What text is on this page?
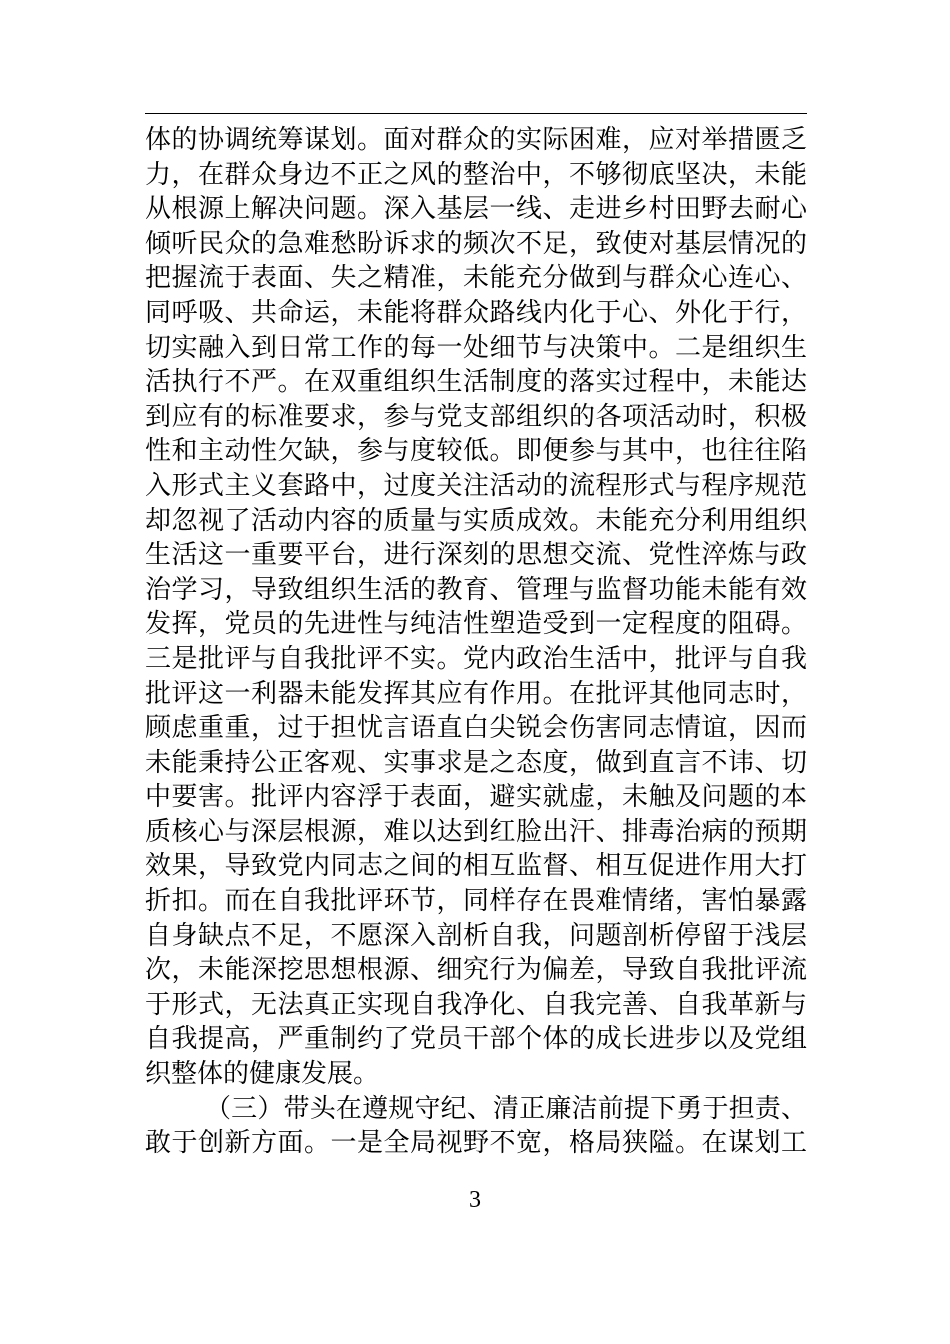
体的协调统筹谋划。面对群众的实际困难，应对举措匮乏
力，在群众身边不正之风的整治中，不够彻底坚决，未能
从根源上解决问题。深入基层一线、走进乡村田野去耐心
倾听民众的急难愁盼诉求的频次不足，致使对基层情况的
把握流于表面、失之精准，未能充分做到与群众心连心、
同呼吸、共命运，未能将群众路线内化于心、外化于行，
切实融入到日常工作的每一处细节与决策中。二是组织生
活执行不严。在双重组织生活制度的落实过程中，未能达
到应有的标准要求，参与党支部组织的各项活动时，积极
性和主动性欠缺，参与度较低。即便参与其中，也往往陷
入形式主义套路中，过度关注活动的流程形式与程序规范
却忽视了活动内容的质量与实质成效。未能充分利用组织
生活这一重要平台，进行深刻的思想交流、党性淬炼与政
治学习，导致组织生活的教育、管理与监督功能未能有效
发挥，党员的先进性与纯洁性塑造受到一定程度的阻碍。
三是批评与自我批评不实。党内政治生活中，批评与自我
批评这一利器未能发挥其应有作用。在批评其他同志时，
顾虑重重，过于担忧言语直白尖锐会伤害同志情谊，因而
未能秉持公正客观、实事求是之态度，做到直言不讳、切
中要害。批评内容浮于表面，避实就虚，未触及问题的本
质核心与深层根源，难以达到红脸出汗、排毒治病的预期
效果，导致党内同志之间的相互监督、相互促进作用大打
折扣。而在自我批评环节，同样存在畏难情绪，害怕暴露
自身缺点不足，不愿深入剖析自我，问题剖析停留于浅层
次，未能深挖思想根源、细究行为偏差，导致自我批评流
于形式，无法真正实现自我净化、自我完善、自我革新与
自我提高，严重制约了党员干部个体的成长进步以及党组
织整体的健康发展。
（三）带头在遵规守纪、清正廉洁前提下勇于担责、
敢于创新方面。一是全局视野不宽，格局狭隘。在谋划工
3
